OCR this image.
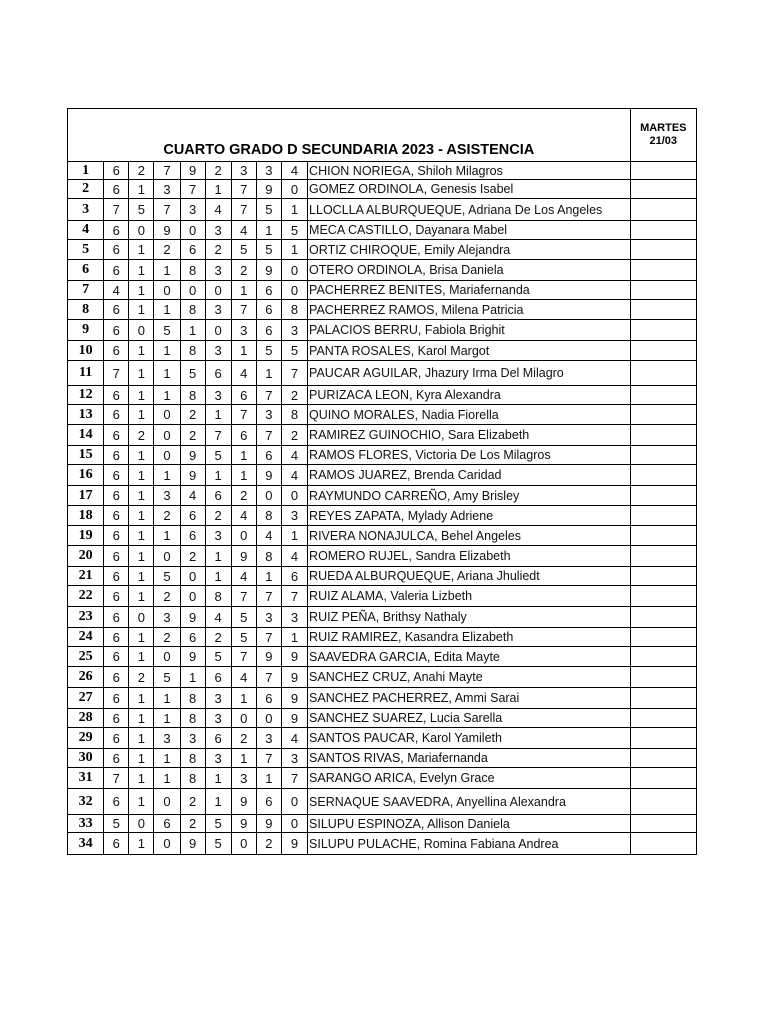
CUARTO GRADO D SECUNDARIA 2023 - ASISTENCIA										MARTES
21/03

1	6	2	7	9	2	3	3	4	CHION NORIEGA, Shiloh Milagros	
2	6	1	3	7	1	7	9	0	GOMEZ ORDINOLA, Genesis Isabel	
3	7	5	7	3	4	7	5	1	LLOCLLA ALBURQUEQUE, Adriana De Los Angeles	
4	6	0	9	0	3	4	1	5	MECA CASTILLO, Dayanara Mabel	
5	6	1	2	6	2	5	5	1	ORTIZ CHIROQUE, Emily Alejandra	
6	6	1	1	8	3	2	9	0	OTERO ORDINOLA, Brisa Daniela	
7	4	1	0	0	0	1	6	0	PACHERREZ BENITES, Mariafernanda	
8	6	1	1	8	3	7	6	8	PACHERREZ RAMOS, Milena Patricia	
9	6	0	5	1	0	3	6	3	PALACIOS BERRU, Fabiola Brighit	
10	6	1	1	8	3	1	5	5	PANTA ROSALES, Karol Margot	
11	7	1	1	5	6	4	1	7	PAUCAR AGUILAR, Jhazury Irma Del Milagro	
12	6	1	1	8	3	6	7	2	PURIZACA LEON, Kyra Alexandra	
13	6	1	0	2	1	7	3	8	QUINO MORALES, Nadia Fiorella	
14	6	2	0	2	7	6	7	2	RAMIREZ GUINOCHIO, Sara Elizabeth	
15	6	1	0	9	5	1	6	4	RAMOS FLORES, Victoria De Los Milagros	
16	6	1	1	9	1	1	9	4	RAMOS JUAREZ, Brenda Caridad	
17	6	1	3	4	6	2	0	0	RAYMUNDO CARREÑO, Amy Brisley	
18	6	1	2	6	2	4	8	3	REYES ZAPATA, Mylady Adriene	
19	6	1	1	6	3	0	4	1	RIVERA NONAJULCA, Behel Angeles	
20	6	1	0	2	1	9	8	4	ROMERO RUJEL, Sandra Elizabeth	
21	6	1	5	0	1	4	1	6	RUEDA ALBURQUEQUE, Ariana Jhuliedt	
22	6	1	2	0	8	7	7	7	RUIZ ALAMA, Valeria Lizbeth	
23	6	0	3	9	4	5	3	3	RUIZ PEÑA, Brithsy Nathaly	
24	6	1	2	6	2	5	7	1	RUIZ RAMIREZ, Kasandra Elizabeth	
25	6	1	0	9	5	7	9	9	SAAVEDRA GARCIA, Edita Mayte	
26	6	2	5	1	6	4	7	9	SANCHEZ CRUZ, Anahi Mayte	
27	6	1	1	8	3	1	6	9	SANCHEZ PACHERREZ, Ammi Sarai	
28	6	1	1	8	3	0	0	9	SANCHEZ SUAREZ, Lucia Sarella	
29	6	1	3	3	6	2	3	4	SANTOS PAUCAR, Karol Yamileth	
30	6	1	1	8	3	1	7	3	SANTOS RIVAS, Mariafernanda	
31	7	1	1	8	1	3	1	7	SARANGO ARICA, Evelyn Grace	
32	6	1	0	2	1	9	6	0	SERNAQUE SAAVEDRA, Anyellina Alexandra	
33	5	0	6	2	5	9	9	0	SILUPU ESPINOZA, Allison Daniela	
34	6	1	0	9	5	0	2	9	SILUPU PULACHE, Romina Fabiana Andrea	
